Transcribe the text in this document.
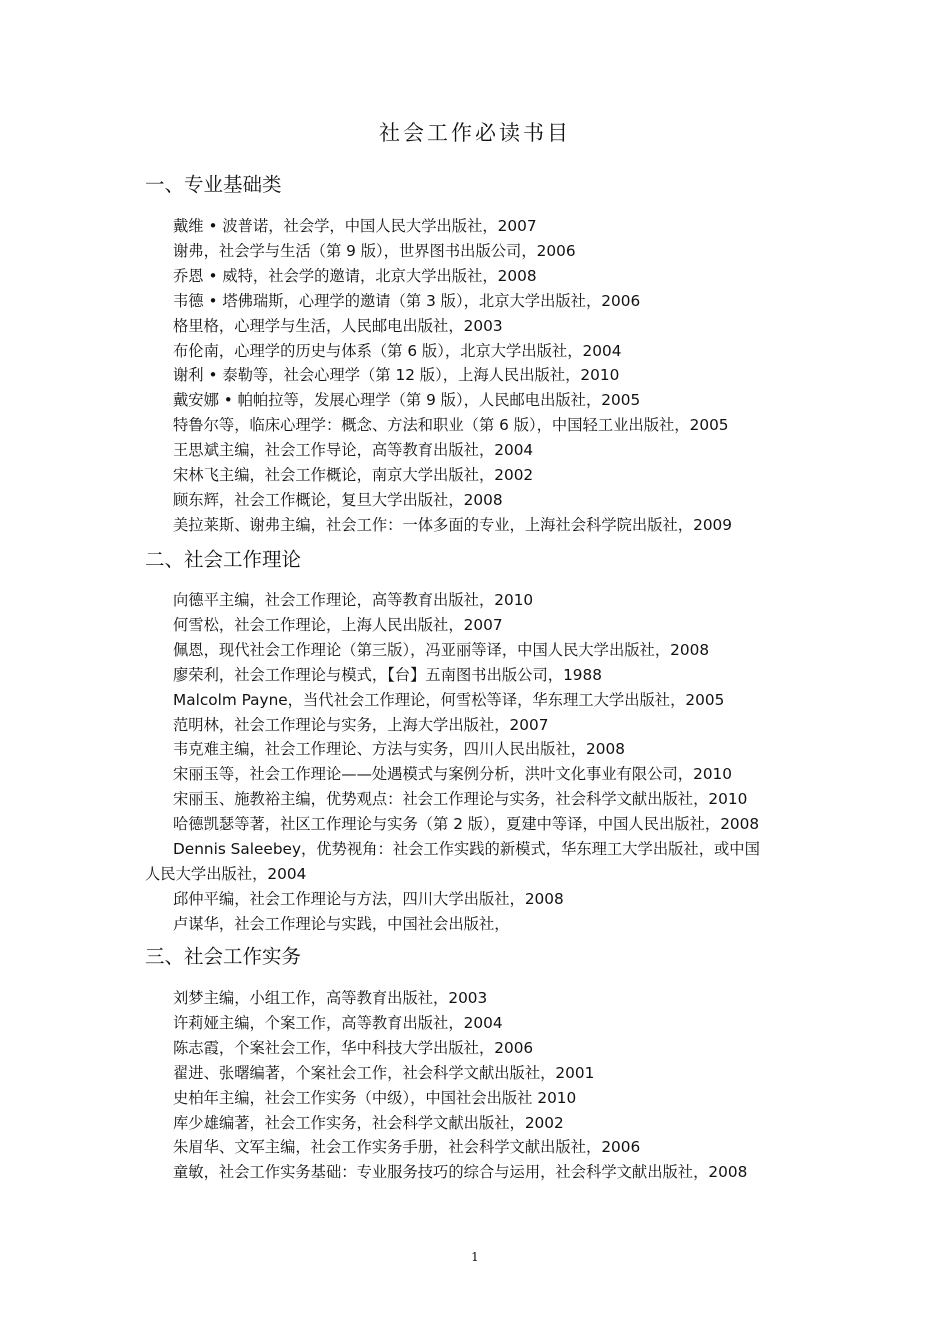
社会工作必读书目
一、专业基础类
戴维 • 波普诺，社会学，中国人民大学出版社，2007
谢弗，社会学与生活（第 9 版），世界图书出版公司，2006
乔恩 • 威特，社会学的邀请，北京大学出版社，2008
韦德 • 塔佛瑞斯，心理学的邀请（第 3 版），北京大学出版社，2006
格里格，心理学与生活，人民邮电出版社，2003
布伦南，心理学的历史与体系（第 6 版），北京大学出版社，2004
谢利 • 泰勒等，社会心理学（第 12 版），上海人民出版社，2010
戴安娜 • 帕帕拉等，发展心理学（第 9 版），人民邮电出版社，2005
特鲁尔等，临床心理学：概念、方法和职业（第 6 版），中国轻工业出版社，2005
王思斌主编，社会工作导论，高等教育出版社，2004
宋林飞主编，社会工作概论，南京大学出版社，2002
顾东辉，社会工作概论，复旦大学出版社，2008
美拉莱斯、谢弗主编，社会工作：一体多面的专业，上海社会科学院出版社，2009
二、社会工作理论
向德平主编，社会工作理论，高等教育出版社，2010
何雪松，社会工作理论，上海人民出版社，2007
佩恩，现代社会工作理论（第三版），冯亚丽等译，中国人民大学出版社，2008
廖荣利，社会工作理论与模式，【台】五南图书出版公司，1988
Malcolm Payne，当代社会工作理论，何雪松等译，华东理工大学出版社，2005
范明林，社会工作理论与实务，上海大学出版社，2007
韦克难主编，社会工作理论、方法与实务，四川人民出版社，2008
宋丽玉等，社会工作理论——处遇模式与案例分析，洪叶文化事业有限公司，2010
宋丽玉、施教裕主编，优势观点：社会工作理论与实务，社会科学文献出版社，2010
哈德凯瑟等著，社区工作理论与实务（第 2 版），夏建中等译，中国人民出版社，2008
Dennis Saleebey，优势视角：社会工作实践的新模式，华东理工大学出版社，或中国
人民大学出版社，2004
邱仲平编，社会工作理论与方法，四川大学出版社，2008
卢谋华，社会工作理论与实践，中国社会出版社，
三、社会工作实务
刘梦主编，小组工作，高等教育出版社，2003
许莉娅主编，个案工作，高等教育出版社，2004
陈志霞，个案社会工作，华中科技大学出版社，2006
翟进、张曙编著，个案社会工作，社会科学文献出版社，2001
史柏年主编，社会工作实务（中级），中国社会出版社 2010
库少雄编著，社会工作实务，社会科学文献出版社，2002
朱眉华、文军主编，社会工作实务手册，社会科学文献出版社，2006
童敏，社会工作实务基础：专业服务技巧的综合与运用，社会科学文献出版社，2008
1
